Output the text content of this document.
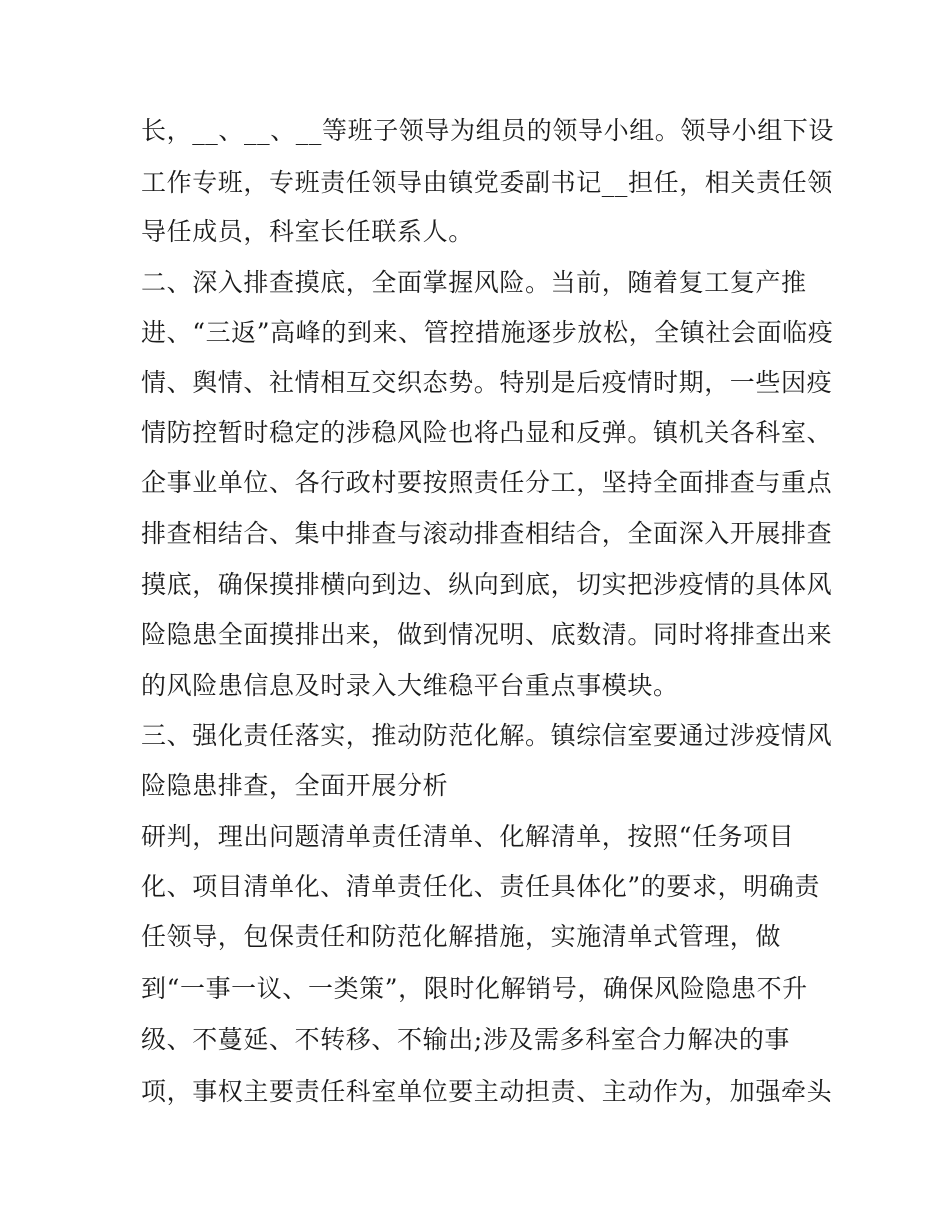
长，__、__、__等班子领导为组员的领导小组。领导小组下设
工作专班，专班责任领导由镇党委副书记__担任，相关责任领
导任成员，科室长任联系人。
二、深入排查摸底，全面掌握风险。当前，随着复工复产推
进、“三返”高峰的到来、管控措施逐步放松，全镇社会面临疫
情、舆情、社情相互交织态势。特别是后疫情时期，一些因疫
情防控暂时稳定的涉稳风险也将凸显和反弹。镇机关各科室、
企事业单位、各行政村要按照责任分工，坚持全面排查与重点
排查相结合、集中排查与滚动排查相结合，全面深入开展排查
摸底，确保摸排横向到边、纵向到底，切实把涉疫情的具体风
险隐患全面摸排出来，做到情况明、底数清。同时将排查出来
的风险患信息及时录入大维稳平台重点事模块。
三、强化责任落实，推动防范化解。镇综信室要通过涉疫情风
险隐患排查，全面开展分析
研判，理出问题清单责任清单、化解清单，按照“任务项目
化、项目清单化、清单责任化、责任具体化”的要求，明确责
任领导，包保责任和防范化解措施，实施清单式管理，做
到“一事一议、一类策”，限时化解销号，确保风险隐患不升
级、不蔓延、不转移、不输出;涉及需多科室合力解决的事
项，事权主要责任科室单位要主动担责、主动作为，加强牵头
